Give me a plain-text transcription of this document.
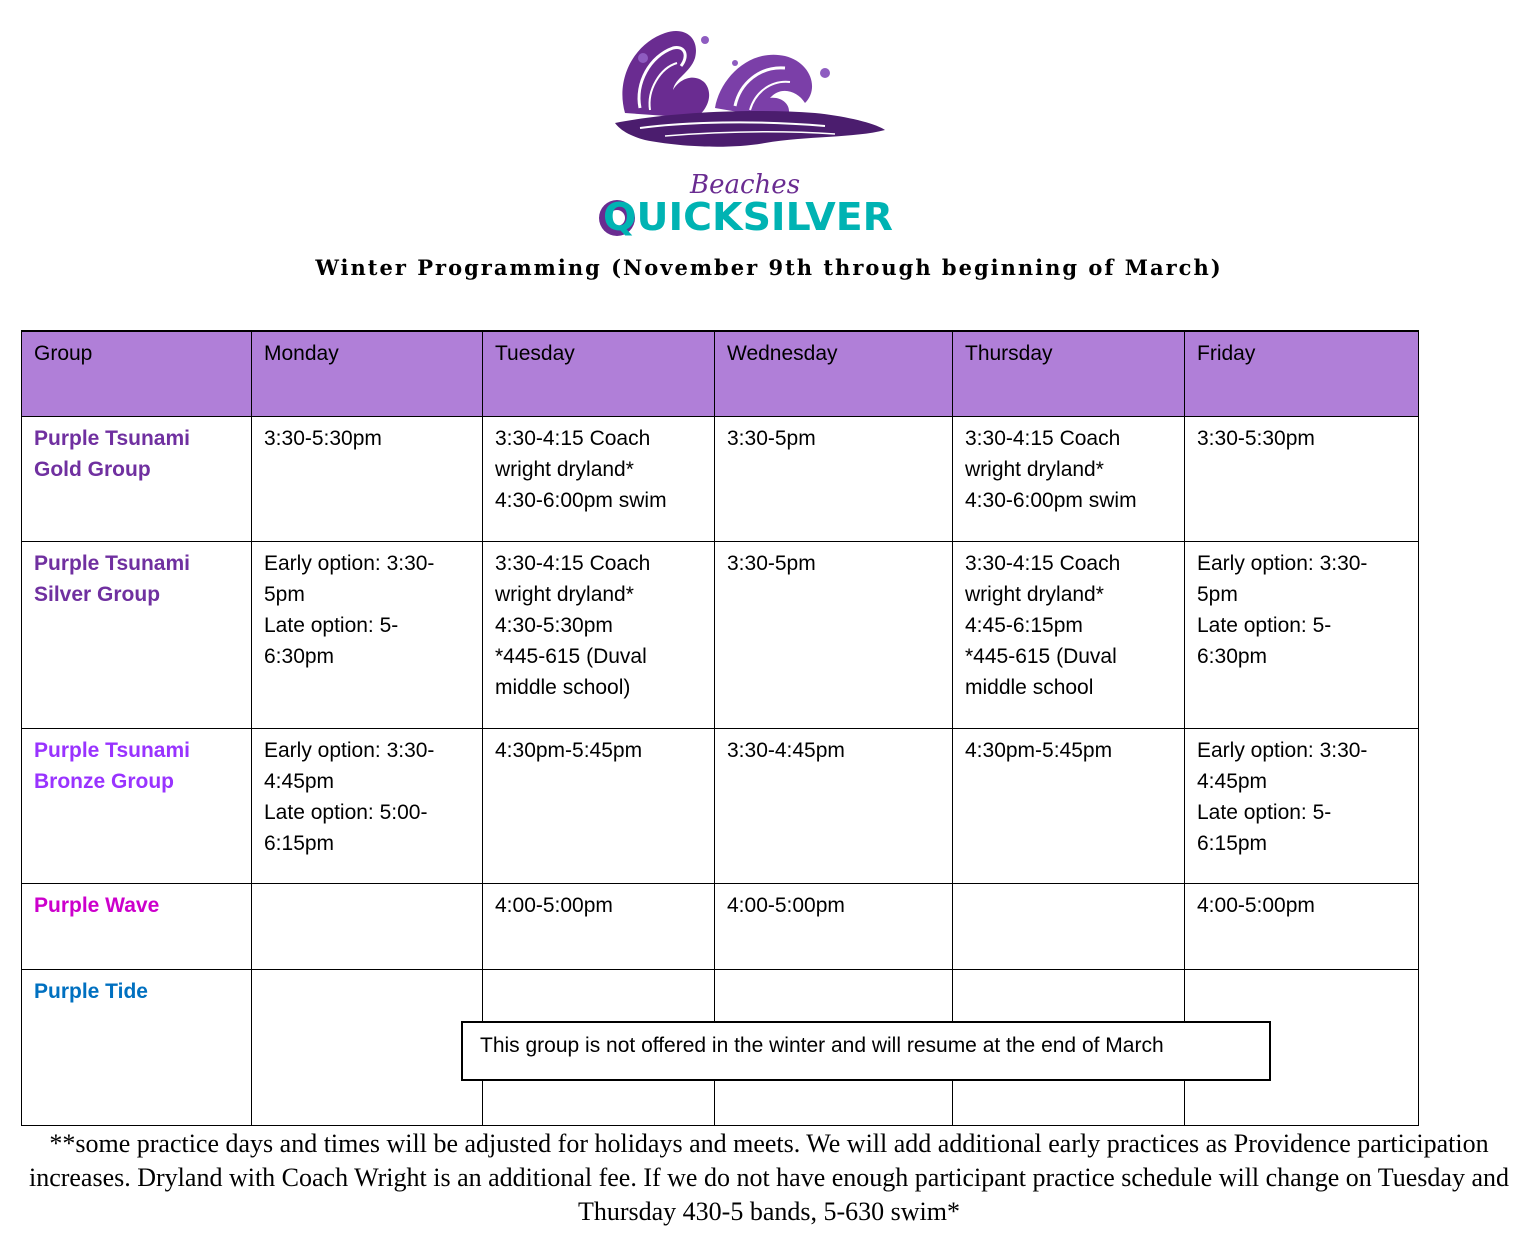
Beaches
QUICKSILVER
Winter Programming (November 9th through beginning of March)
Group	Monday	Tuesday	Wednesday	Thursday	Friday
Purple Tsunami
Gold Group	3:30-5:30pm	3:30-4:15 Coach
wright dryland*
4:30-6:00pm swim	3:30-5pm	3:30-4:15 Coach
wright dryland*
4:30-6:00pm swim	3:30-5:30pm
Purple Tsunami
Silver Group	Early option: 3:30-
5pm
Late option: 5-
6:30pm	3:30-4:15 Coach
wright dryland*
4:30-5:30pm
*445-615 (Duval
middle school)	3:30-5pm	3:30-4:15 Coach
wright dryland*
4:45-6:15pm
*445-615 (Duval
middle school	Early option: 3:30-
5pm
Late option: 5-
6:30pm
Purple Tsunami
Bronze Group	Early option: 3:30-
4:45pm
Late option: 5:00-
6:15pm	4:30pm-5:45pm	3:30-4:45pm	4:30pm-5:45pm	Early option: 3:30-
4:45pm
Late option: 5-
6:15pm
Purple Wave		4:00-5:00pm	4:00-5:00pm		4:00-5:00pm
Purple Tide					
This group is not offered in the winter and will resume at the end of March
**some practice days and times will be adjusted for holidays and meets. We will add additional early practices as Providence participation increases. Dryland with Coach Wright is an additional fee. If we do not have enough participant practice schedule will change on Tuesday and Thursday 430-5 bands, 5-630 swim*
